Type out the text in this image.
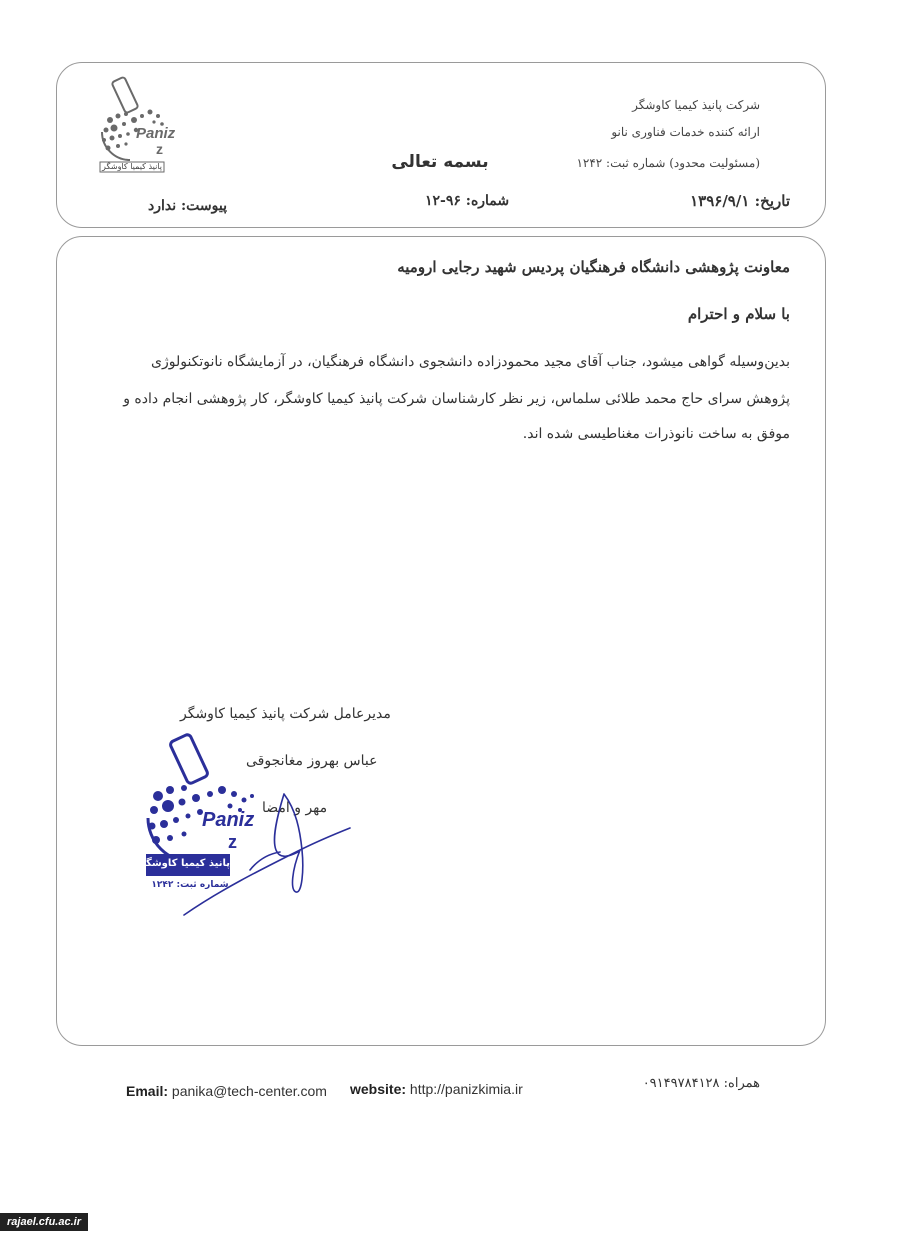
Paniz
z
پانیذ کیمیا کاوشگر
شرکت پانیذ کیمیا کاوشگر
ارائه کننده خدمات فناوری نانو
(مسئولیت محدود) شماره ثبت: ۱۲۴۲
بسمه تعالی
تاریخ: ۱۳۹۶/۹/۱
شماره: ۹۶-۱۲
پیوست: ندارد
معاونت پژوهشی دانشگاه فرهنگیان پردیس شهید رجایی ارومیه
با سلام و احترام
بدین‌وسیله گواهی میشود، جناب آقای مجید محمودزاده دانشجوی دانشگاه فرهنگیان، در آزمایشگاه نانوتکنولوژی
پژوهش سرای حاج محمد طلائی سلماس، زیر نظر کارشناسان شرکت پانیذ کیمیا کاوشگر، کار پژوهشی انجام داده و
موفق به ساخت نانوذرات مغناطیسی شده اند.
مدیرعامل شرکت پانیذ کیمیا کاوشگر
عباس بهروز مغانجوقی
مهر و امضا
Paniz
z
پانیذ کیمیا کاوشگر
شماره ثبت: ۱۲۴۲
Email: panika@tech-center.com website: http://panizkimia.ir	همراه: ۰۹۱۴۹۷۸۴۱۲۸
rajael.cfu.ac.ir
